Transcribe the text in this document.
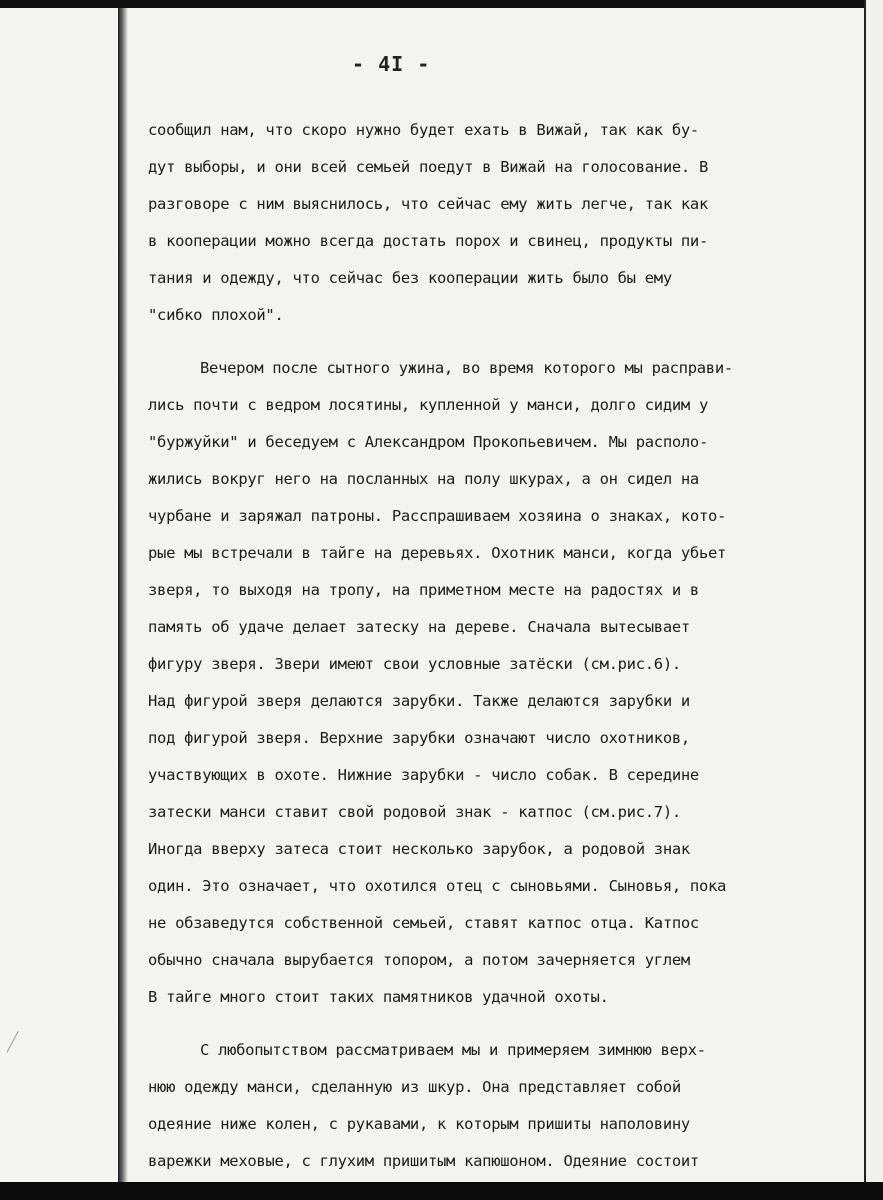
- 4I -
сообщил нам, что скоро нужно будет ехать в Вижай, так как бу-
дут выборы, и они всей семьей поедут в Вижай на голосование. В
разговоре с ним выяснилось, что сейчас ему жить легче, так как
в кооперации можно всегда достать порох и свинец, продукты пи-
тания и одежду, что сейчас без кооперации жить было бы ему
"сибко плохой".
Вечером после сытного ужина, во время которого мы расправи-
лись почти с ведром лосятины, купленной у манси, долго сидим у
"буржуйки" и беседуем с Александром Прокопьевичем. Мы располо-
жились вокруг него на посланных на полу шкурах, а он сидел на
чурбане и заряжал патроны. Расспрашиваем хозяина о знаках, кото-
рые мы встречали в тайге на деревьях. Охотник манси, когда убьет
зверя, то выходя на тропу, на приметном месте на радостях и в
память об удаче делает затеску на дереве. Сначала вытесывает
фигуру зверя. Звери имеют свои условные затёски (см.рис.6).
Над фигурой зверя делаются зарубки. Также делаются зарубки и
под фигурой зверя. Верхние зарубки означают число охотников,
участвующих в охоте. Нижние зарубки - число собак. В середине
затески манси ставит свой родовой знак - катпос (см.рис.7).
Иногда вверху затеса стоит несколько зарубок, а родовой знак
один. Это означает, что охотился отец с сыновьями. Сыновья, пока
не обзаведутся собственной семьей, ставят катпос отца. Катпос
обычно сначала вырубается топором, а потом зачерняется углем
В тайге много стоит таких памятников удачной охоты.
С любопытством рассматриваем мы и примеряем зимнюю верх-
нюю одежду манси, сделанную из шкур. Она представляет собой
одеяние ниже колен, с рукавами, к которым пришиты наполовину
варежки меховые, с глухим пришитым капюшоном. Одеяние состоит
